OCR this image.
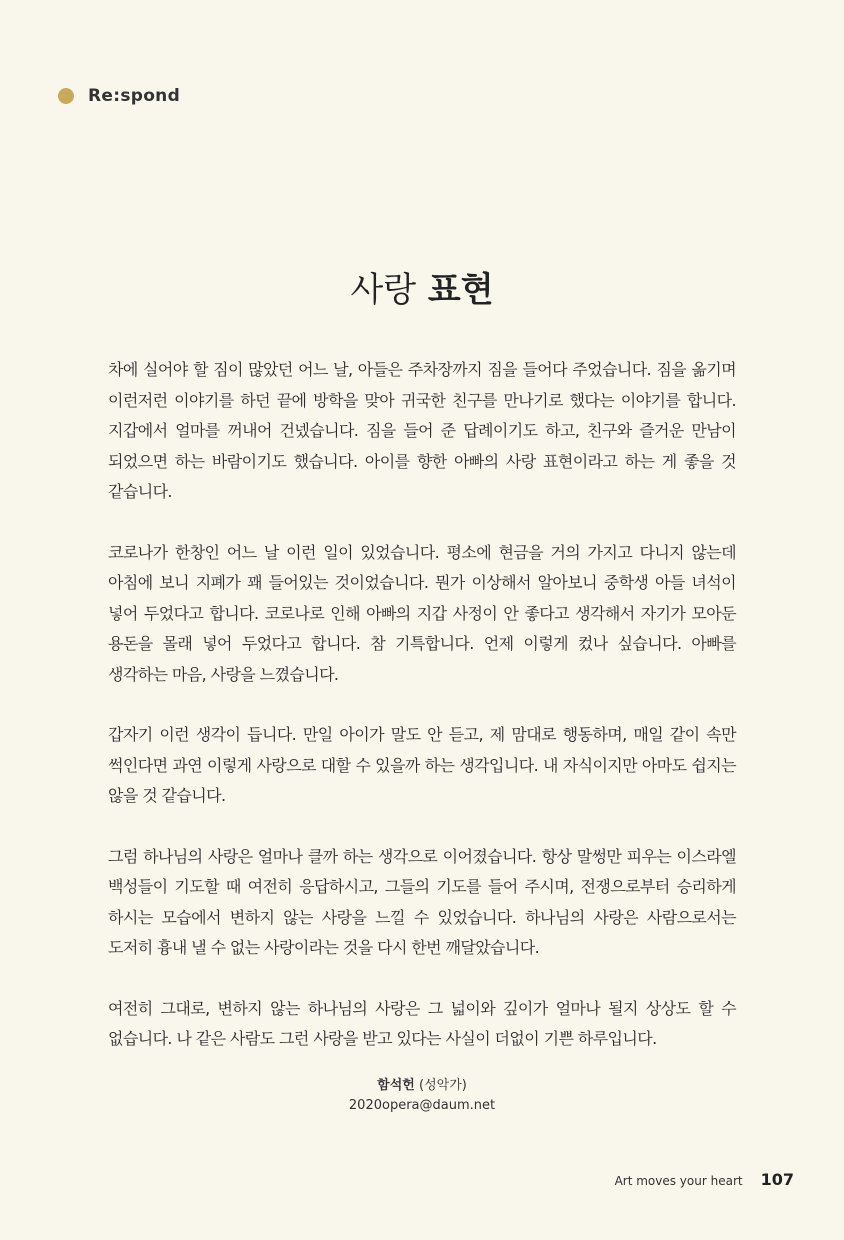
Re:spond
사랑 표현

차에 실어야 할 짐이 많았던 어느 날, 아들은 주차장까지 짐을 들어다 주었습니다. 짐을 옮기며 이런저런 이야기를 하던 끝에 방학을 맞아 귀국한 친구를 만나기로 했다는 이야기를 합니다. 지갑에서 얼마를 꺼내어 건넸습니다. 짐을 들어 준 답례이기도 하고, 친구와 즐거운 만남이 되었으면 하는 바람이기도 했습니다. 아이를 향한 아빠의 사랑 표현이라고 하는 게 좋을 것 같습니다.

코로나가 한창인 어느 날 이런 일이 있었습니다. 평소에 현금을 거의 가지고 다니지 않는데 아침에 보니 지폐가 꽤 들어있는 것이었습니다. 뭔가 이상해서 알아보니 중학생 아들 녀석이 넣어 두었다고 합니다. 코로나로 인해 아빠의 지갑 사정이 안 좋다고 생각해서 자기가 모아둔 용돈을 몰래 넣어 두었다고 합니다. 참 기특합니다. 언제 이렇게 컸나 싶습니다. 아빠를 생각하는 마음, 사랑을 느꼈습니다.

갑자기 이런 생각이 듭니다. 만일 아이가 말도 안 듣고, 제 맘대로 행동하며, 매일 같이 속만 썩인다면 과연 이렇게 사랑으로 대할 수 있을까 하는 생각입니다. 내 자식이지만 아마도 쉽지는 않을 것 같습니다.

그럼 하나님의 사랑은 얼마나 클까 하는 생각으로 이어졌습니다. 항상 말썽만 피우는 이스라엘 백성들이 기도할 때 여전히 응답하시고, 그들의 기도를 들어 주시며, 전쟁으로부터 승리하게 하시는 모습에서 변하지 않는 사랑을 느낄 수 있었습니다. 하나님의 사랑은 사람으로서는 도저히 흉내 낼 수 없는 사랑이라는 것을 다시 한번 깨달았습니다.

여전히 그대로, 변하지 않는 하나님의 사랑은 그 넓이와 깊이가 얼마나 될지 상상도 할 수 없습니다. 나 같은 사람도 그런 사랑을 받고 있다는 사실이 더없이 기쁜 하루입니다.

함석헌 (성악가)
2020opera@daum.net
Art moves your heart 107
